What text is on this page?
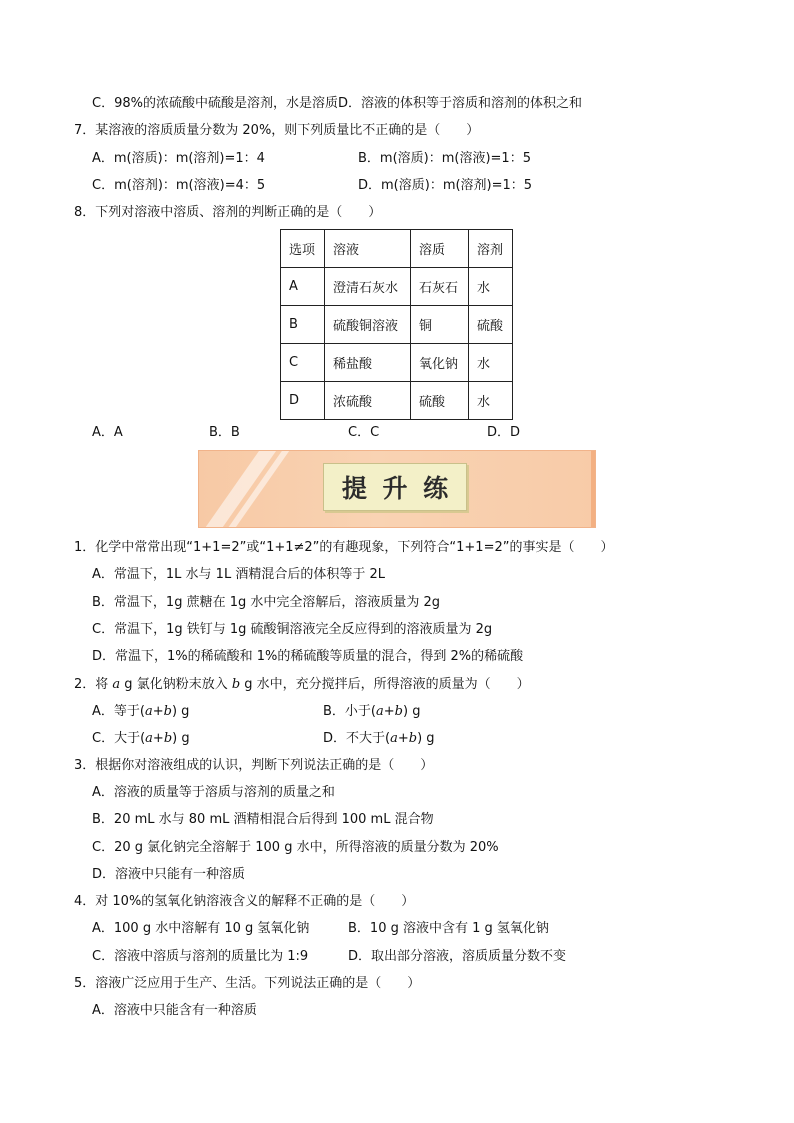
C．98%的浓硫酸中硫酸是溶剂，水是溶质D．溶液的体积等于溶质和溶剂的体积之和
7．某溶液的溶质质量分数为 20%，则下列质量比不正确的是（　　）
A．m(溶质)：m(溶剂)=1：4	B．m(溶质)：m(溶液)=1：5
C．m(溶剂)：m(溶液)=4：5	D．m(溶质)：m(溶剂)=1：5
8．下列对溶液中溶质、溶剂的判断正确的是（　　）
选项	溶液	溶质	溶剂
A	澄清石灰水	石灰石	水
B	硫酸铜溶液	铜	硫酸
C	稀盐酸	氧化钠	水
D	浓硫酸	硫酸	水
A．A	B．B	C．C	D．D
提 升 练
1．化学中常常出现“1+1=2”或“1+1≠2”的有趣现象，下列符合“1+1=2”的事实是（　　）
A．常温下，1L 水与 1L 酒精混合后的体积等于 2L
B．常温下，1g 蔗糖在 1g 水中完全溶解后，溶液质量为 2g
C．常温下，1g 铁钉与 1g 硫酸铜溶液完全反应得到的溶液质量为 2g
D．常温下，1%的稀硫酸和 1%的稀硫酸等质量的混合，得到 2%的稀硫酸
2．将 a g 氯化钠粉末放入 b g 水中，充分搅拌后，所得溶液的质量为（　　）
A．等于(a+b) g	B．小于(a+b) g
C．大于(a+b) g	D．不大于(a+b) g
3．根据你对溶液组成的认识，判断下列说法正确的是（　　）
A．溶液的质量等于溶质与溶剂的质量之和
B．20 mL 水与 80 mL 酒精相混合后得到 100 mL 混合物
C．20 g 氯化钠完全溶解于 100 g 水中，所得溶液的质量分数为 20%
D．溶液中只能有一种溶质
4．对 10%的氢氧化钠溶液含义的解释不正确的是（　　）
A．100 g 水中溶解有 10 g 氢氧化钠	B．10 g 溶液中含有 1 g 氢氧化钠
C．溶液中溶质与溶剂的质量比为 1:9	D．取出部分溶液，溶质质量分数不变
5．溶液广泛应用于生产、生活。下列说法正确的是（　　）
A．溶液中只能含有一种溶质
